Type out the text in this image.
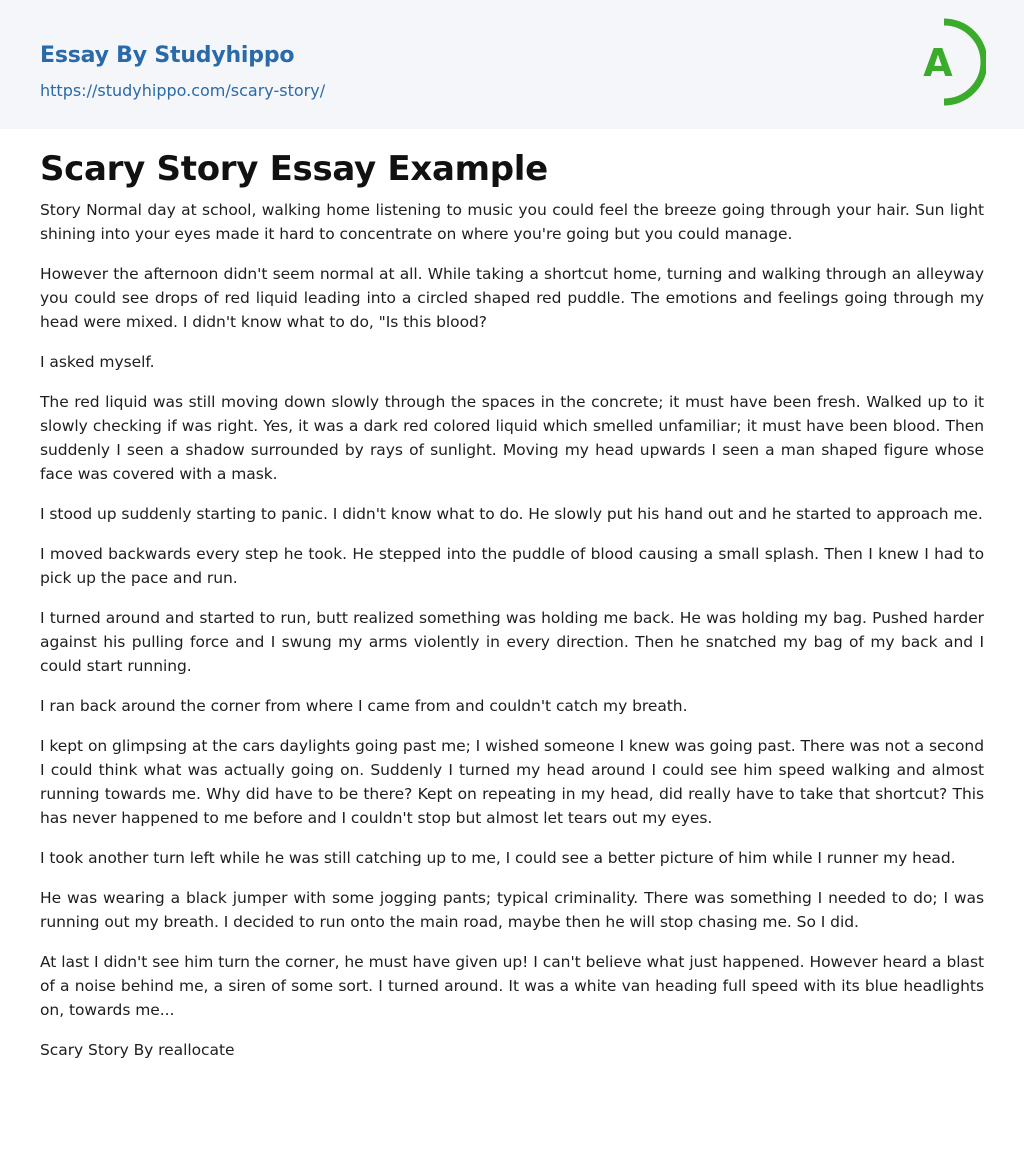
Essay By Studyhippo
https://studyhippo.com/scary-story/
A
Scary Story Essay Example

Story Normal day at school, walking home listening to music you could feel the breeze going through your hair. Sun light shining into your eyes made it hard to concentrate on where you're going but you could manage.

However the afternoon didn't seem normal at all. While taking a shortcut home, turning and walking through an alleyway you could see drops of red liquid leading into a circled shaped red puddle. The emotions and feelings going through my head were mixed. I didn't know what to do, "Is this blood?

I asked myself.

The red liquid was still moving down slowly through the spaces in the concrete; it must have been fresh. Walked up to it slowly checking if was right. Yes, it was a dark red colored liquid which smelled unfamiliar; it must have been blood. Then suddenly I seen a shadow surrounded by rays of sunlight. Moving my head upwards I seen a man shaped figure whose face was covered with a mask.

I stood up suddenly starting to panic. I didn't know what to do. He slowly put his hand out and he started to approach me.

I moved backwards every step he took. He stepped into the puddle of blood causing a small splash. Then I knew I had to pick up the pace and run.

I turned around and started to run, butt realized something was holding me back. He was holding my bag. Pushed harder against his pulling force and I swung my arms violently in every direction. Then he snatched my bag of my back and I could start running.

I ran back around the corner from where I came from and couldn't catch my breath.

I kept on glimpsing at the cars daylights going past me; I wished someone I knew was going past. There was not a second I could think what was actually going on. Suddenly I turned my head around I could see him speed walking and almost running towards me. Why did have to be there? Kept on repeating in my head, did really have to take that shortcut? This has never happened to me before and I couldn't stop but almost let tears out my eyes.

I took another turn left while he was still catching up to me, I could see a better picture of him while I runner my head.

He was wearing a black jumper with some jogging pants; typical criminality. There was something I needed to do; I was running out my breath. I decided to run onto the main road, maybe then he will stop chasing me. So I did.

At last I didn't see him turn the corner, he must have given up! I can't believe what just happened. However heard a blast of a noise behind me, a siren of some sort. I turned around. It was a white van heading full speed with its blue headlights on, towards me...

Scary Story By reallocate
